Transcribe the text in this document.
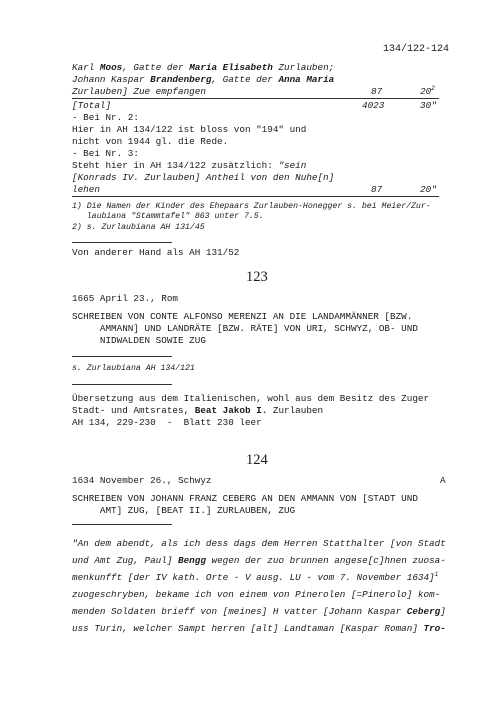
134/122-124
Karl Moos, Gatte der Maria Elisabeth Zurlauben;
Johann Kaspar Brandenberg, Gatte der Anna Maria
Zurlauben] Zue empfangen	87	$20^2$
[Total]	4023	30"
- Bei Nr. 2:
Hier in AH 134/122 ist bloss von "194" und
nicht von 1944 gl. die Rede.
- Bei Nr. 3:
Steht hier in AH 134/122 zusätzlich: "sein
[Konrads IV. Zurlauben] Antheil von den Nuhe[n]
lehen	87	20"
1) Die Namen der Kinder des Ehepaars Zurlauben-Honegger s. bei Meier/Zur-
laubiana "Stammtafel" 863 unter 7.5.
2) s. Zurlaubiana AH 131/45
Von anderer Hand als AH 131/52
123
1665 April 23., Rom
SCHREIBEN VON CONTE ALFONSO MERENZI AN DIE LANDAMMÄNNER [BZW.
AMMANN] UND LANDRÄTE [BZW. RÄTE] VON URI, SCHWYZ, OB- UND
NIDWALDEN SOWIE ZUG
s. Zurlaubiana AH 134/121
Übersetzung aus dem Italienischen, wohl aus dem Besitz des Zuger
Stadt- und Amtsrates, Beat Jakob I. Zurlauben
AH 134, 229-230  -  Blatt 230 leer
124
1634 November 26., Schwyz	A
SCHREIBEN VON JOHANN FRANZ CEBERG AN DEN AMMANN VON [STADT UND
AMT] ZUG, [BEAT II.] ZURLAUBEN, ZUG
"An dem abendt, als ich dess dags dem Herren Statthalter [von Stadt
und Amt Zug, Paul] Bengg wegen der zuo brunnen angese[c]hnen zuosa-
menkunfft [der IV kath. Orte - V ausg. LU - vom 7. November 1634]$^1$
zuogeschryben, bekame ich von einem von Pinerolen [=Pinerolo] kom-
menden Soldaten brieff von [meines] H vatter [Johann Kaspar Ceberg]
uss Turin, welcher Sampt herren [alt] Landtaman [Kaspar Roman] Tro-
